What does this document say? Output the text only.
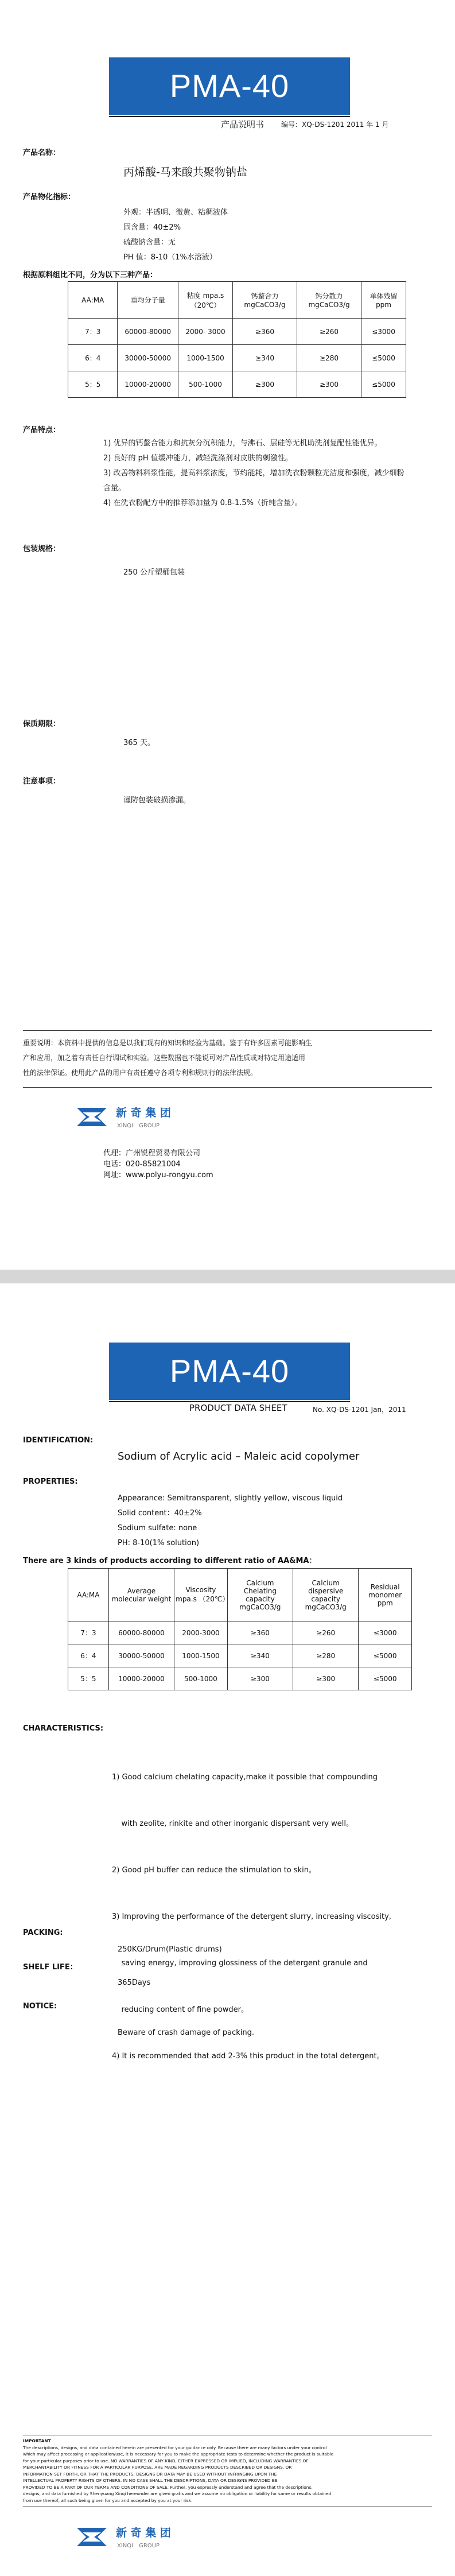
PMA-40
产品说明书 编号：XQ-DS-1201 2011 年 1 月
产品名称：
丙烯酸-马来酸共聚物钠盐
产品物化指标：
外观：半透明、微黄、粘稠液体
固含量：40±2%
硫酸钠含量：无
PH 值：8-10（1%水溶液）
根据原料组比不同，分为以下三种产品：
AA:MA	重均分子量	粘度 mpa.s （20℃）	钙螯合力 mgCaCO3/g	钙分散力 mgCaCO3/g	单体残留 ppm
7：3	60000-80000	2000- 3000	≥360	≥260	≤3000
6：4	30000-50000	1000-1500	≥340	≥280	≤5000
5：5	10000-20000	500-1000	≥300	≥300	≤5000
产品特点：
1) 优异的钙螯合能力和抗灰分沉积能力，与沸石、层硅等无机助洗剂复配性能优异。
2) 良好的 pH 值缓冲能力，减轻洗涤剂对皮肤的刺激性。
3) 改善物料料浆性能，提高料浆浓度，节约能耗，增加洗衣粉颗粒光洁度和强度，减少细粉含量。
4) 在洗衣粉配方中的推荐添加量为 0.8-1.5%（折纯含量）。
包装规格：
250 公斤塑桶包装
保质期限：
365 天。
注意事项：
谨防包装破损渗漏。
重要说明：本资料中提供的信息是以我们现有的知识和经验为基础。鉴于有许多因素可能影响生
产和应用，加之着有责任自行调试和实验。这些数据也不能说可对产品性质或对特定用途适用
性的法律保证。使用此产品的用户有责任遵守各项专利和规则行的法律法规。
新 奇 集 团
XINQI　GROUP
代理：广州锐程贸易有限公司
电话：020-85821004
网址：www.polyu-rongyu.com
PMA-40
PRODUCT DATA SHEET	No. XQ-DS-1201 Jan，2011
IDENTIFICATION:
Sodium of Acrylic acid – Maleic acid copolymer
PROPERTIES:
Appearance: Semitransparent, slightly yellow, viscous liquid
Solid content：40±2%
Sodium sulfate: none
PH: 8-10(1% solution)
There are 3 kinds of products according to different ratio of AA&MA：
AA:MA	Average molecular weight	Viscosity mpa.s （20℃）	Calcium Chelating capacity mgCaCO3/g	Calcium dispersive capacity mgCaCO3/g	Residual monomer ppm
7：3	60000-80000	2000-3000	≥360	≥260	≤3000
6：4	30000-50000	1000-1500	≥340	≥280	≤5000
5：5	10000-20000	500-1000	≥300	≥300	≤5000
CHARACTERISTICS:

1) Good calcium chelating capacity,make it possible that compounding

with zeolite, rinkite and other inorganic dispersant very well。

2) Good pH buffer can reduce the stimulation to skin。

3) Improving the performance of the detergent slurry, increasing viscosity,

saving energy, improving glossiness of the detergent granule and

reducing content of fine powder。

4) It is recommended that add 2-3% this product in the total detergent。

PACKING:
250KG/Drum(Plastic drums)
SHELF LIFE：
365Days
NOTICE:
Beware of crash damage of packing.
IMPORTANT
The descriptions, designs, and data contained herein are presented for your guidance only. Because there are many factors under your control
which may affect processing or application/use, it is necessary for you to make the appropriate tests to determine whether the product is suitable
for your particular purposes prior to use. NO WARRANTIES OF ANY KIND, EITHER EXPRESSED OR IMPLIED, INCLUDING WARRANTIES OF
MERCHANTABILITY OR FITNESS FOR A PARTICULAR PURPOSE, ARE MADE REGARDING PRODUCTS DESCRIBED OR DESIGNS, OR
INFORMATION SET FORTH, OR THAT THE PRODUCTS, DESIGNS OR DATA MAY BE USED WITHOUT INFRINGING UPON THE
INTELLECTUAL PROPERTY RIGHTS OF OTHERS. IN NO CASE SHALL THE DESCRIPTIONS, DATA OR DESIGNS PROVIDED BE
PROVIDED TO BE A PART OF OUR TERMS AND CONDITIONS OF SALE. Further, you expressly understand and agree that the descriptions,
designs, and data furnished by Shenyuang Xinqi hereunder are given gratis and we assume no obligation or liability for same or results obtained
from use thereof, all such being given for you and accepted by you at your risk.
新 奇 集 团
XINQI　GROUP
